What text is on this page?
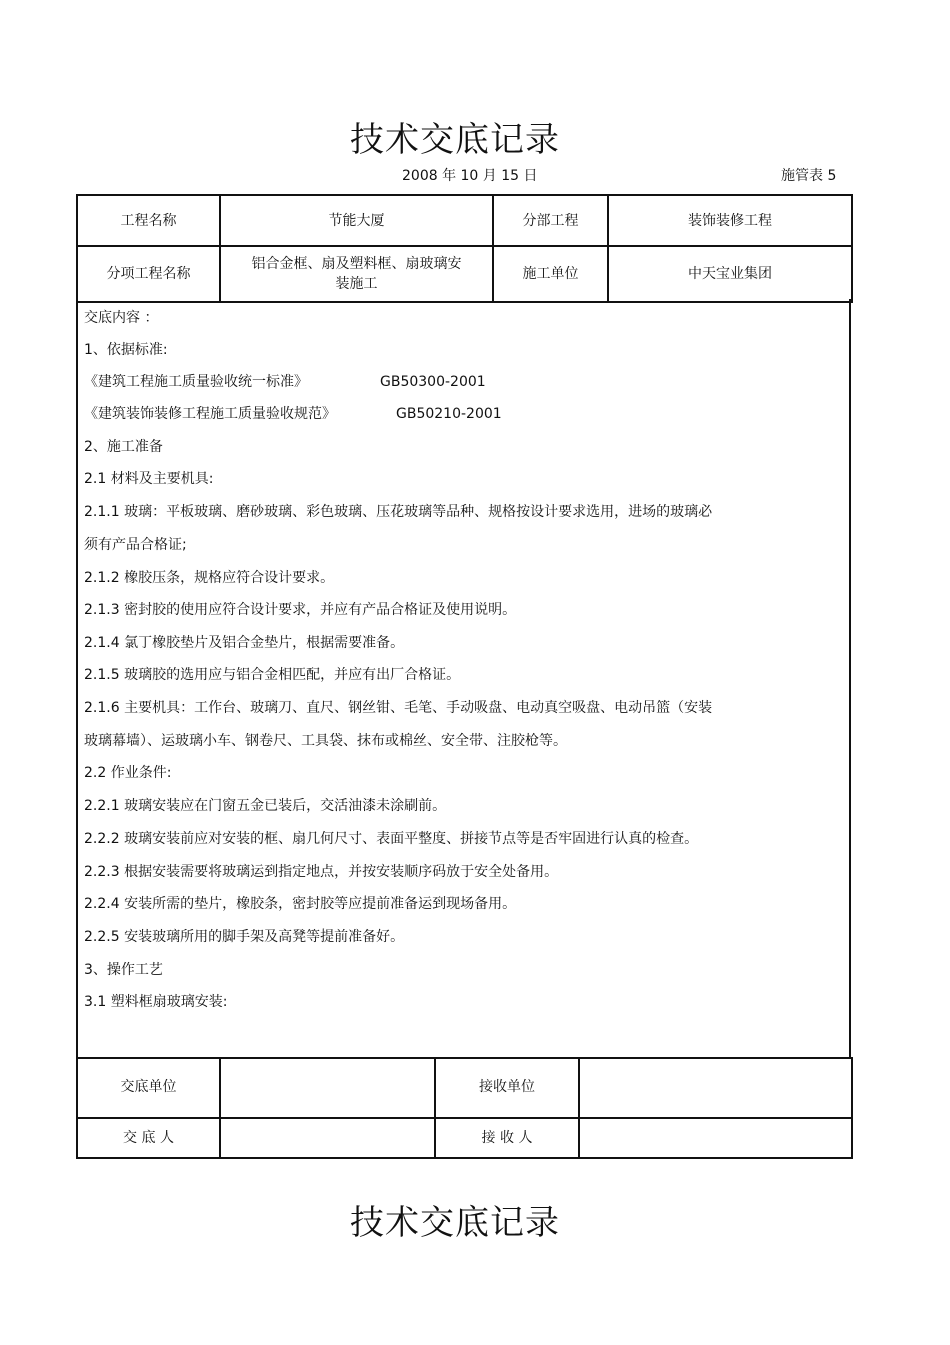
技术交底记录
2008 年 10 月 15 日	施管表 5
工程名称	节能大厦	分部工程	装饰装修工程
分项工程名称	铝合金框、扇及塑料框、扇玻璃安
装施工	施工单位	中天宝业集团
交底内容 ：
1、依据标准:
《建筑工程施工质量验收统一标准》	GB50300-2001
《建筑装饰装修工程施工质量验收规范》	GB50210-2001
2、施工准备
2.1 材料及主要机具:
2.1.1 玻璃：平板玻璃、磨砂玻璃、彩色玻璃、压花玻璃等品种、规格按设计要求选用，进场的玻璃必
须有产品合格证;
2.1.2 橡胶压条，规格应符合设计要求。
2.1.3 密封胶的使用应符合设计要求，并应有产品合格证及使用说明。
2.1.4 氯丁橡胶垫片及铝合金垫片，根据需要准备。
2.1.5 玻璃胶的选用应与铝合金相匹配，并应有出厂合格证。
2.1.6 主要机具：工作台、玻璃刀、直尺、钢丝钳、毛笔、手动吸盘、电动真空吸盘、电动吊篮（安装
玻璃幕墙）、运玻璃小车、钢卷尺、工具袋、抹布或棉丝、安全带、注胶枪等。
2.2 作业条件:
2.2.1 玻璃安装应在门窗五金已装后，交活油漆未涂刷前。
2.2.2 玻璃安装前应对安装的框、扇几何尺寸、表面平整度、拼接节点等是否牢固进行认真的检查。
2.2.3 根据安装需要将玻璃运到指定地点，并按安装顺序码放于安全处备用。
2.2.4 安装所需的垫片，橡胶条，密封胶等应提前准备运到现场备用。
2.2.5 安装玻璃所用的脚手架及高凳等提前准备好。
3、操作工艺
3.1 塑料框扇玻璃安装:
交底单位		接收单位	
交 底 人		接 收 人	
技术交底记录
